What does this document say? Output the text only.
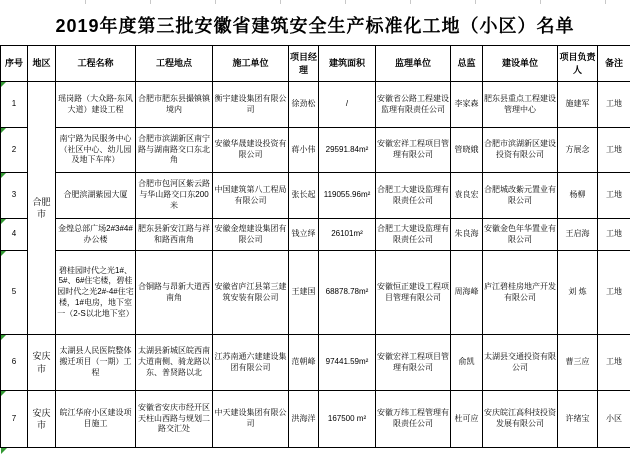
2019年度第三批安徽省建筑安全生产标准化工地（小区）名单
序号	地区	工程名称	工程地点	施工单位	项目经理	建筑面积	监理单位	总监	建设单位	项目负责人	备注

1	合肥市	瑶岗路（大众路-东风大道）建设工程	合肥市肥东县撮镇镇境内	衡宇建设集团有限公司	徐劲松	/	安徽省公路工程建设 监理有限责任公司	李家森	肥东县重点工程建设管理中心	施建军	工地

2		南宁路为民服务中心（社区中心、幼儿园及地下车库）	合肥市滨湖新区南宁路与湖南路交口东北角	安徽华晟建设投资有限公司	蒋小伟	29591.84m²	安徽宏祥工程项目管理有限公司	管晓娥	合肥市滨湖新区建设投资有限公司	方展念	工地

3		合肥滨湖紫园大厦	合肥市包河区紫云路与华山路交口东200米	中国建筑第八工程局有限公司	张长起	119055.96m²	合肥工大建设监理有限责任公司	袁良宏	合肥城改紫元置业有限公司	杨柳	工地

4		金煌总部广场2#3#4#办公楼	肥东县新安江路与祥和路西南角	安徽金煌建设集团有限公司	钱立绎	26101m²	合肥工大建设监理有限责任公司	朱良海	安徽金色年华置业有限公司	王启海	工地

5		碧桂园时代之光1#、5#、6#住宅楼，碧桂园时代之光2#-4#住宅楼，1#电房，地下室一（2-S以北地下室）	合铜路与昂新大道西南角	安徽省庐江县第三建筑安装有限公司	王建国	68878.78m²	安徽恒正建设工程项目管理有限公司	周海峰	庐江碧桂房地产开发有限公司	刘 炼	工地

6	安庆市	太湖县人民医院整体搬迁项目（一期）工程	太湖县新城区皖西南大道南侧、骑龙路以东、普贤路以北	江苏南通六建建设集团有限公司	范朝峰	97441.59m²	安徽宏祥工程项目管理有限公司	俞凯	太湖县交通投资有限公司	曹三应	工地

7	安庆市	皖江华府小区建设项目施工	安徽省安庆市经开区天柱山西路与规划二路交汇处	中天建设集团有限公司	洪海洋	167500 m²	安徽万纬工程管理有限责任公司	杜可应	安庆皖江高科技投资发展有限公司	许绪宝	小区
